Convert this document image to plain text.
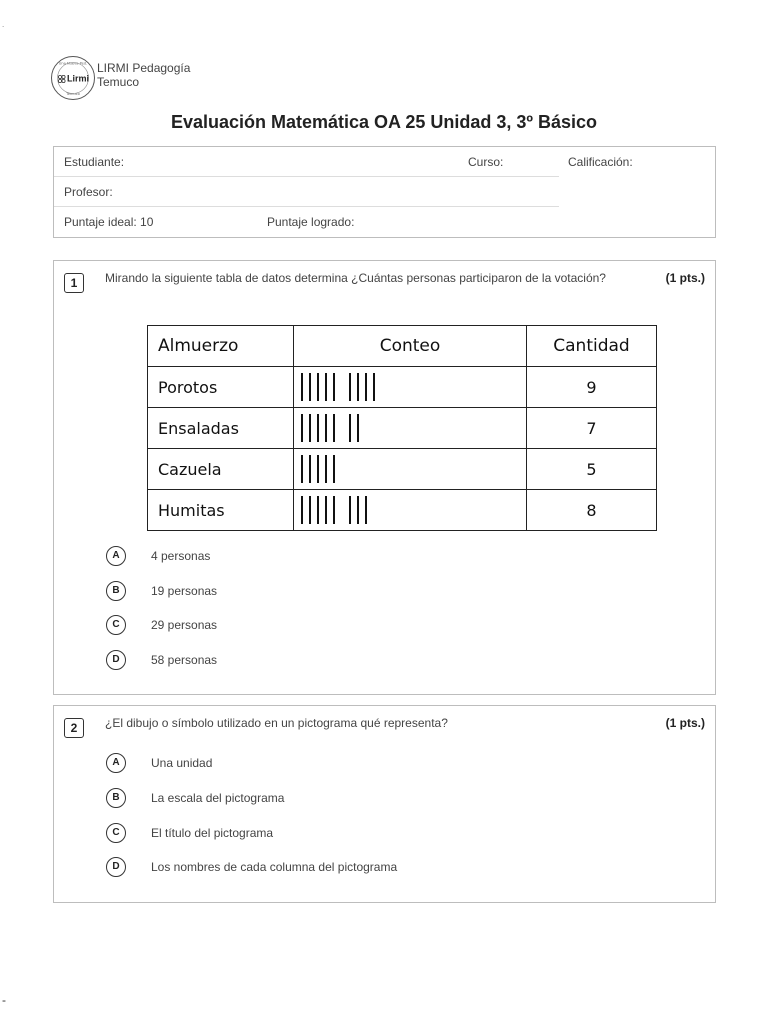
.
Una Nueva Ped.
Temuco
Lirmi
LIRMI Pedagogía
Temuco
Evaluación Matemática OA 25 Unidad 3, 3º Básico
Estudiante:	Curso:
Profesor:
Puntaje ideal: 10	Puntaje logrado:
Calificación:
1	Mirando la siguiente tabla de datos determina ¿Cuántas personas participaron de la votación?	(1 pts.)
Almuerzo	Conteo	Cantidad
Porotos		9
Ensaladas		7
Cazuela		5
Humitas		8
A	4 personas
B	19 personas
C	29 personas
D	58 personas
2	¿El dibujo o símbolo utilizado en un pictograma qué representa?	(1 pts.)
A	Una unidad
B	La escala del pictograma
C	El título del pictograma
D	Los nombres de cada columna del pictograma
-
